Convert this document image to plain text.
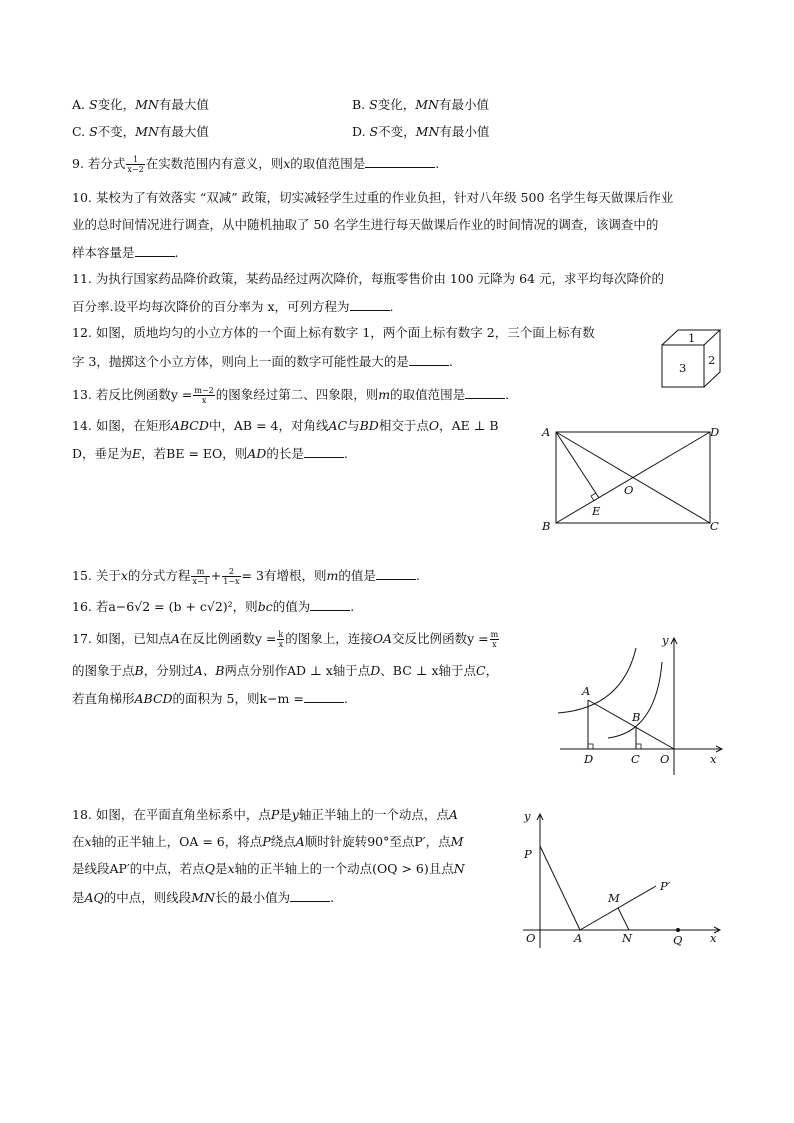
A. S变化，MN有最大值	B. S变化，MN有最小值
C. S不变，MN有最大值	D. S不变，MN有最小值
9. 若分式 $\frac{1}{x-2}$ 在实数范围内有意义，则x的取值范围是	.
10. 某校为了有效落实 “双减” 政策，切实减轻学生过重的作业负担，针对八年级 500 名学生每天做课后作业
业的总时间情况进行调查，从中随机抽取了 50 名学生进行每天做课后作业的时间情况的调查，该调查中的
样本容量是	.
11. 为执行国家药品降价政策，某药品经过两次降价，每瓶零售价由 100 元降为 64 元，求平均每次降价的
百分率.设平均每次降价的百分率为 x，可列方程为	.
12. 如图，质地均匀的小立方体的一个面上标有数字 1，两个面上标有数字 2，三个面上标有数
字 3，抛掷这个小立方体，则向上一面的数字可能性最大的是	.
1
3
2
13. 若反比例函数$y = \frac{m-2}{x}$ 的图象经过第二、四象限，则m的取值范围是	.
14. 如图，在矩形ABCD中，AB = 4，对角线AC与BD相交于点O，AE ⊥ B
D，垂足为E，若BE = EO，则AD的长是	.
A
B	C
D
O
E
15. 关于x的分式方程 $\frac{m}{x-1} + \frac{2}{1-x} = 3$有增根，则m的值是	.
16. 若a−6√2 = (b + c√2)²，则bc的值为	.
17. 如图，已知点A在反比例函数$y = \frac{k}{x}$ 的图象上，连接OA交反比例函数$y = \frac{m}{x}$
的图象于点B，分别过A、B两点分别作AD ⊥ x轴于点D、BC ⊥ x轴于点C，
若直角梯形ABCD的面积为 5，则k−m =	.
y
A
B
D	C O	x
18. 如图，在平面直角坐标系中，点P是y轴正半轴上的一个动点，点A
在x轴的正半轴上，OA = 6，将点P绕点A顺时针旋转90°至点P′，点M
是线段AP′的中点，若点Q是x轴的正半轴上的一个动点(OQ > 6)且点N
是AQ的中点，则线段MN长的最小值为	.
y
P
M
P′
O	A	N	Q x
